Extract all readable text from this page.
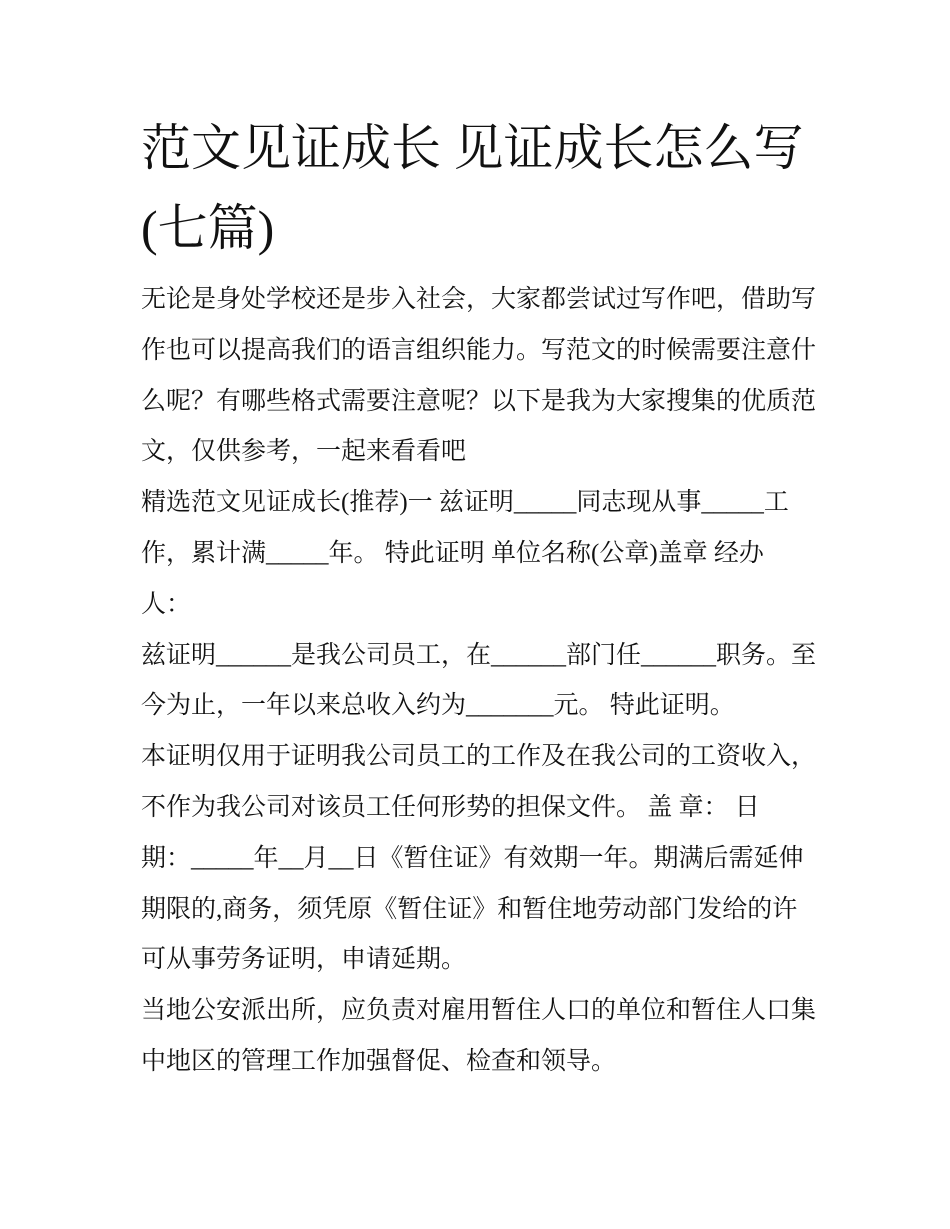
范文见证成长 见证成长怎么写
(七篇)
无论是身处学校还是步入社会，大家都尝试过写作吧，借助写
作也可以提高我们的语言组织能力。写范文的时候需要注意什
么呢？有哪些格式需要注意呢？以下是我为大家搜集的优质范
文，仅供参考，一起来看看吧
精选范文见证成长(推荐)一 兹证明_____同志现从事_____工
作，累计满_____年。 特此证明 单位名称(公章)盖章 经办
人：
兹证明______是我公司员工，在______部门任______职务。至
今为止，一年以来总收入约为_______元。 特此证明。
本证明仅用于证明我公司员工的工作及在我公司的工资收入，
不作为我公司对该员工任何形势的担保文件。 盖 章： 日
期：_____年__月__日《暂住证》有效期一年。期满后需延伸
期限的,商务，须凭原《暂住证》和暂住地劳动部门发给的许
可从事劳务证明，申请延期。
当地公安派出所，应负责对雇用暂住人口的单位和暂住人口集
中地区的管理工作加强督促、检查和领导。
